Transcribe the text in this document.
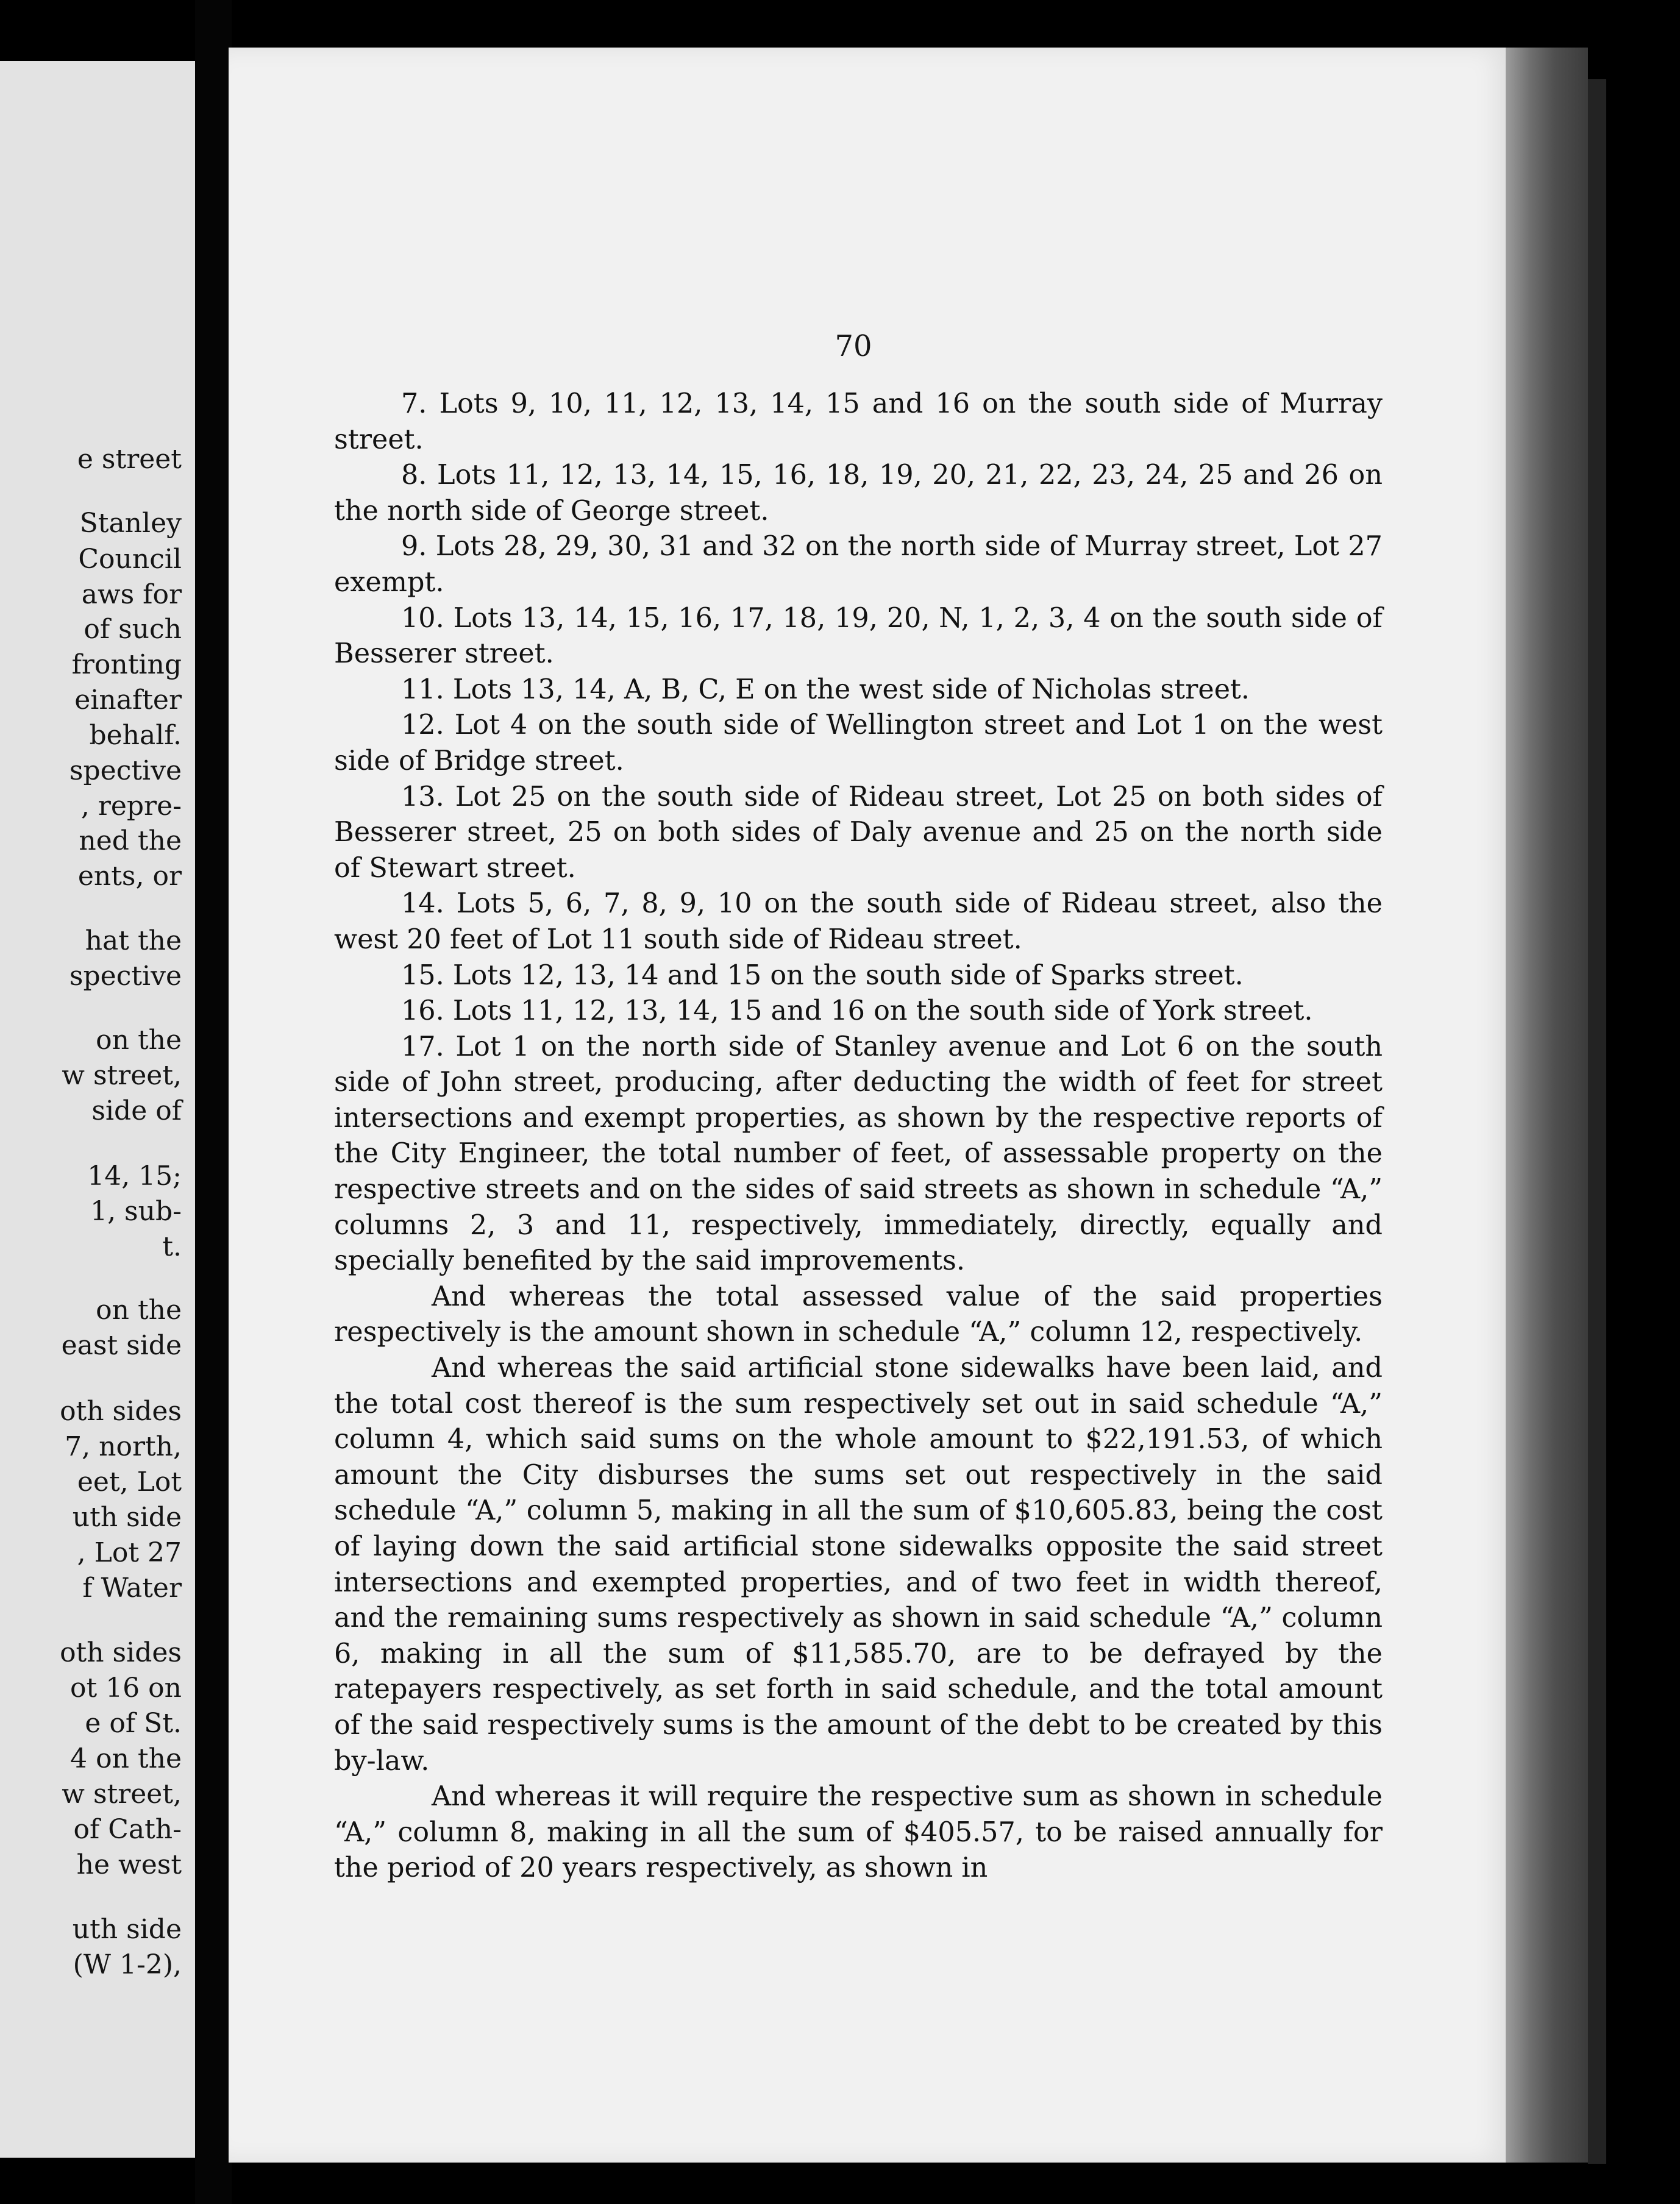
e street
Stanley
Council
aws for
of such
fronting
einafter
behalf.
spective
, repre-
ned the
ents, or
hat the
spective
on the
w street,
side of
14, 15;
1, sub-
t.
on the
east side
oth sides
7, north,
eet, Lot
uth side
, Lot 27
f Water
oth sides
ot 16 on
e of St.
4 on the
w street,
of Cath-
he west
uth side
(W 1-2),
70

7. Lots 9, 10, 11, 12, 13, 14, 15 and 16 on the south side of Murray street.

8. Lots 11, 12, 13, 14, 15, 16, 18, 19, 20, 21, 22, 23, 24, 25 and 26 on the north side of George street.

9. Lots 28, 29, 30, 31 and 32 on the north side of Murray street, Lot 27 exempt.

10. Lots 13, 14, 15, 16, 17, 18, 19, 20, N, 1, 2, 3, 4 on the south side of Besserer street.

11. Lots 13, 14, A, B, C, E on the west side of Nicholas street.

12. Lot 4 on the south side of Wellington street and Lot 1 on the west side of Bridge street.

13. Lot 25 on the south side of Rideau street, Lot 25 on both sides of Besserer street, 25 on both sides of Daly avenue and 25 on the north side of Stewart street.

14. Lots 5, 6, 7, 8, 9, 10 on the south side of Rideau street, also the west 20 feet of Lot 11 south side of Rideau street.

15. Lots 12, 13, 14 and 15 on the south side of Sparks street.

16. Lots 11, 12, 13, 14, 15 and 16 on the south side of York street.

17. Lot 1 on the north side of Stanley avenue and Lot 6 on the south side of John street, producing, after deducting the width of feet for street intersections and exempt properties, as shown by the respective reports of the City Engineer, the total number of feet, of assessable property on the respective streets and on the sides of said streets as shown in schedule “A,” columns 2, 3 and 11, respectively, immediately, directly, equally and specially benefited by the said improvements.

And whereas the total assessed value of the said properties respectively is the amount shown in schedule “A,” column 12, respectively.

And whereas the said artificial stone sidewalks have been laid, and the total cost thereof is the sum respectively set out in said schedule “A,” column 4, which said sums on the whole amount to $22,191.53, of which amount the City disburses the sums set out respectively in the said schedule “A,” column 5, making in all the sum of $10,605.83, being the cost of laying down the said artificial stone sidewalks opposite the said street intersections and exempted properties, and of two feet in width thereof, and the remaining sums respectively as shown in said schedule “A,” column 6, making in all the sum of $11,585.70, are to be defrayed by the ratepayers respectively, as set forth in said schedule, and the total amount of the said respectively sums is the amount of the debt to be created by this by-law.

And whereas it will require the respective sum as shown in schedule “A,” column 8, making in all the sum of $405.57, to be raised annually for the period of 20 years respectively, as shown in
